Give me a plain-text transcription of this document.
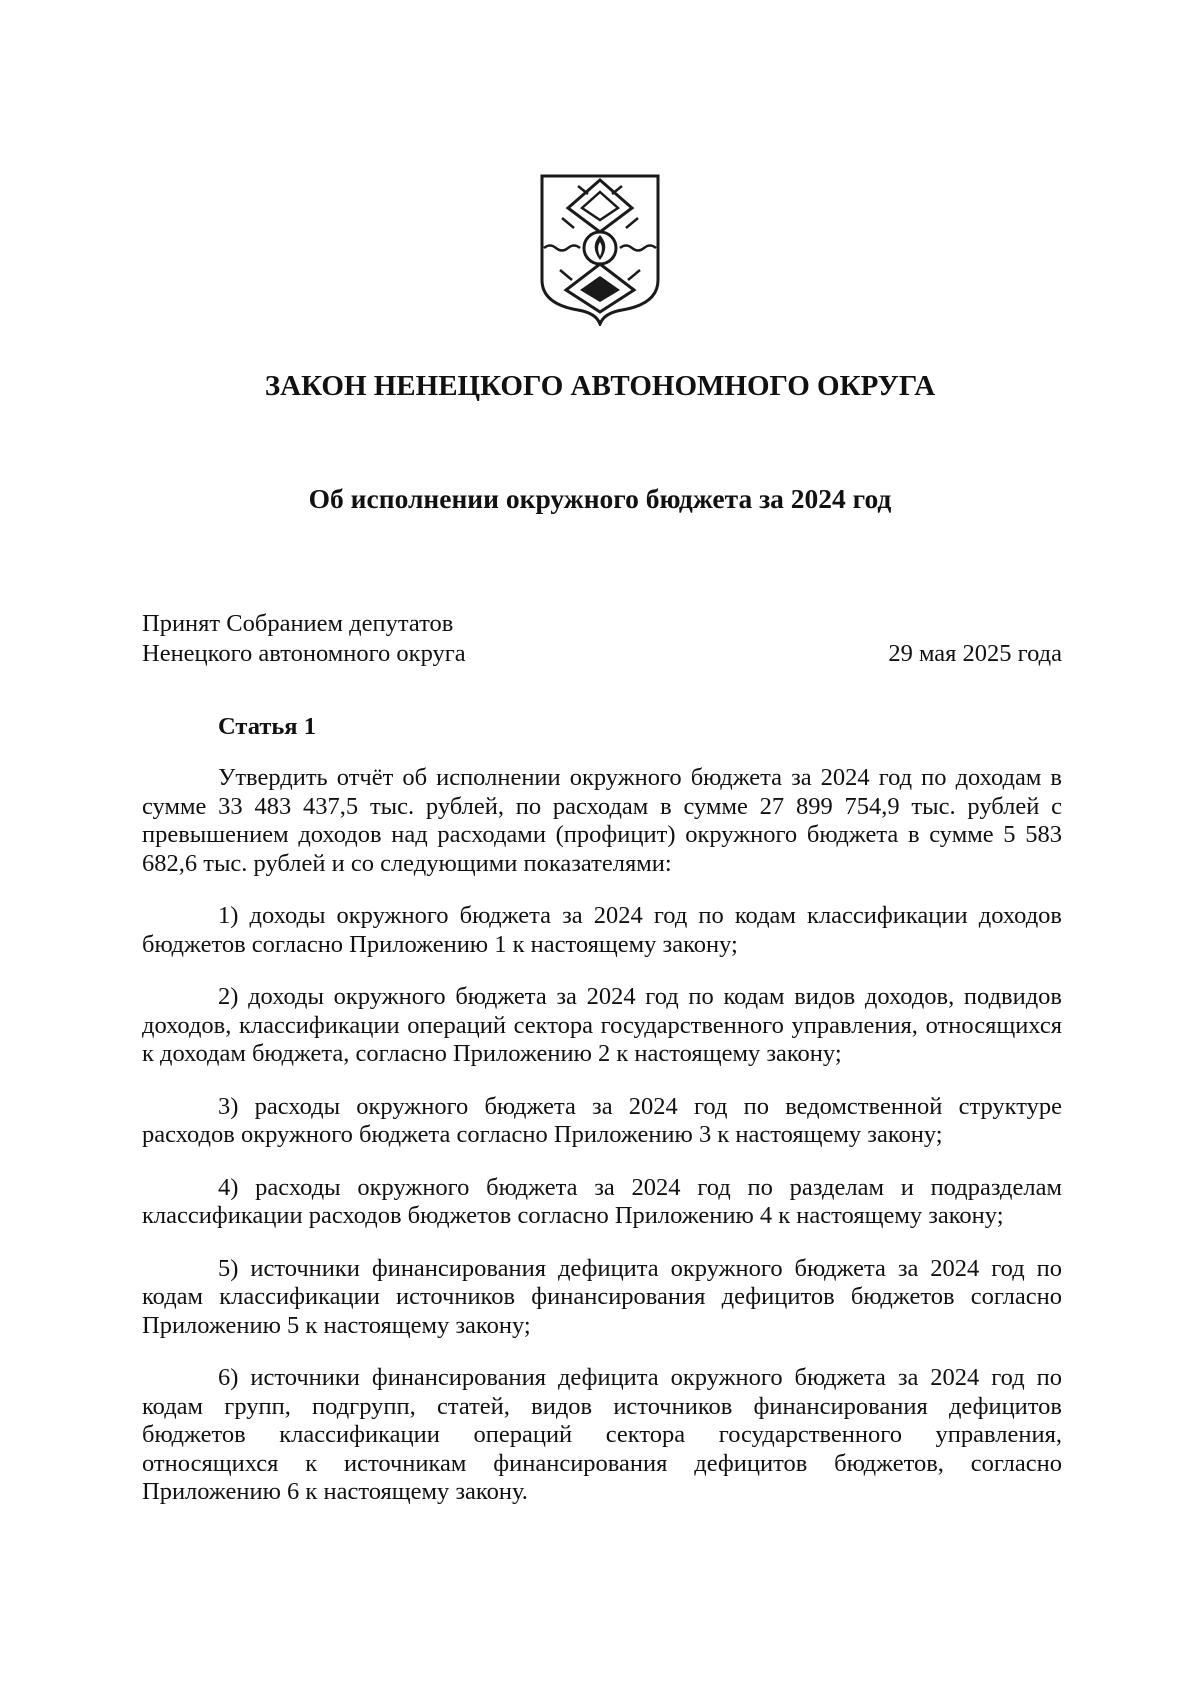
ЗАКОН НЕНЕЦКОГО АВТОНОМНОГО ОКРУГА
Об исполнении окружного бюджета за 2024 год
Принят Собранием депутатов
Ненецкого автономного округа	29 мая 2025 года
Статья 1

Утвердить отчёт об исполнении окружного бюджета за 2024 год по доходам в сумме 33 483 437,5 тыс. рублей, по расходам в сумме 27 899 754,9 тыс. рублей с превышением доходов над расходами (профицит) окружного бюджета в сумме 5 583 682,6 тыс. рублей и со следующими показателями:

1) доходы окружного бюджета за 2024 год по кодам классификации доходов бюджетов согласно Приложению 1 к настоящему закону;

2) доходы окружного бюджета за 2024 год по кодам видов доходов, подвидов доходов, классификации операций сектора государственного управления, относящихся к доходам бюджета, согласно Приложению 2 к настоящему закону;

3) расходы окружного бюджета за 2024 год по ведомственной структуре расходов окружного бюджета согласно Приложению 3 к настоящему закону;

4) расходы окружного бюджета за 2024 год по разделам и подразделам классификации расходов бюджетов согласно Приложению 4 к настоящему закону;

5) источники финансирования дефицита окружного бюджета за 2024 год по кодам классификации источников финансирования дефицитов бюджетов согласно Приложению 5 к настоящему закону;

6) источники финансирования дефицита окружного бюджета за 2024 год по кодам групп, подгрупп, статей, видов источников финансирования дефицитов бюджетов классификации операций сектора государственного управления, относящихся к источникам финансирования дефицитов бюджетов, согласно Приложению 6 к настоящему закону.
